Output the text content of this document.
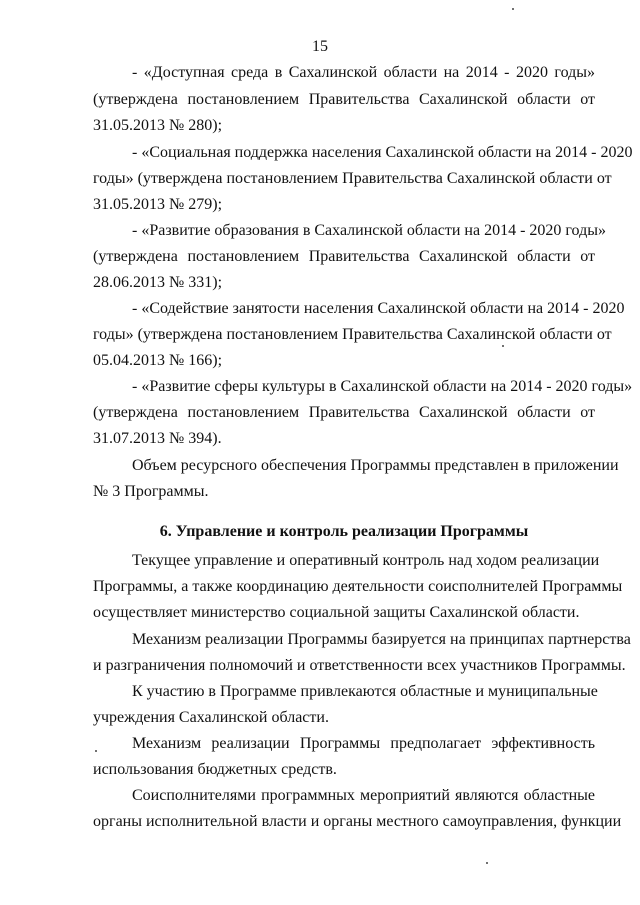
15
- «Доступная среда в Сахалинской области на 2014 - 2020 годы»
(утверждена постановлением Правительства Сахалинской области от
31.05.2013 № 280);
- «Социальная поддержка населения Сахалинской области на 2014 - 2020
годы» (утверждена постановлением Правительства Сахалинской области от
31.05.2013 № 279);
- «Развитие образования в Сахалинской области на 2014 - 2020 годы»
(утверждена постановлением Правительства Сахалинской области от
28.06.2013 № 331);
- «Содействие занятости населения Сахалинской области на 2014 - 2020
годы» (утверждена постановлением Правительства Сахалинской области от
05.04.2013 № 166);
- «Развитие сферы культуры в Сахалинской области на 2014 - 2020 годы»
(утверждена постановлением Правительства Сахалинской области от
31.07.2013 № 394).
Объем ресурсного обеспечения Программы представлен в приложении
№ 3 Программы.
6. Управление и контроль реализации Программы
Текущее управление и оперативный контроль над ходом реализации
Программы, а также координацию деятельности соисполнителей Программы
осуществляет министерство социальной защиты Сахалинской области.
Механизм реализации Программы базируется на принципах партнерства
и разграничения полномочий и ответственности всех участников Программы.
К участию в Программе привлекаются областные и муниципальные
учреждения Сахалинской области.
Механизм реализации Программы предполагает эффективность
использования бюджетных средств.
Соисполнителями программных мероприятий являются областные
органы исполнительной власти и органы местного самоуправления, функции
